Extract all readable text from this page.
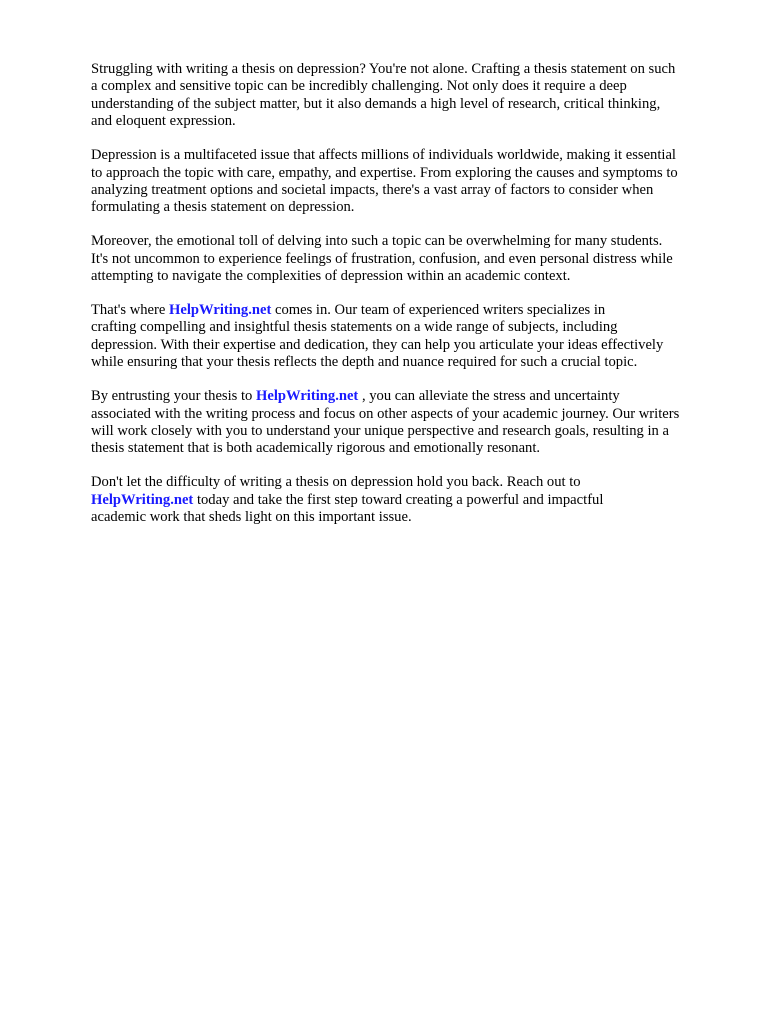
Struggling with writing a thesis on depression? You're not alone. Crafting a thesis statement on such
a complex and sensitive topic can be incredibly challenging. Not only does it require a deep
understanding of the subject matter, but it also demands a high level of research, critical thinking,
and eloquent expression.

Depression is a multifaceted issue that affects millions of individuals worldwide, making it essential
to approach the topic with care, empathy, and expertise. From exploring the causes and symptoms to
analyzing treatment options and societal impacts, there's a vast array of factors to consider when
formulating a thesis statement on depression.

Moreover, the emotional toll of delving into such a topic can be overwhelming for many students.
It's not uncommon to experience feelings of frustration, confusion, and even personal distress while
attempting to navigate the complexities of depression within an academic context.

That's where HelpWriting.net comes in. Our team of experienced writers specializes in
crafting compelling and insightful thesis statements on a wide range of subjects, including
depression. With their expertise and dedication, they can help you articulate your ideas effectively
while ensuring that your thesis reflects the depth and nuance required for such a crucial topic.

By entrusting your thesis to HelpWriting.net , you can alleviate the stress and uncertainty
associated with the writing process and focus on other aspects of your academic journey. Our writers
will work closely with you to understand your unique perspective and research goals, resulting in a
thesis statement that is both academically rigorous and emotionally resonant.

Don't let the difficulty of writing a thesis on depression hold you back. Reach out to
HelpWriting.net today and take the first step toward creating a powerful and impactful
academic work that sheds light on this important issue.
